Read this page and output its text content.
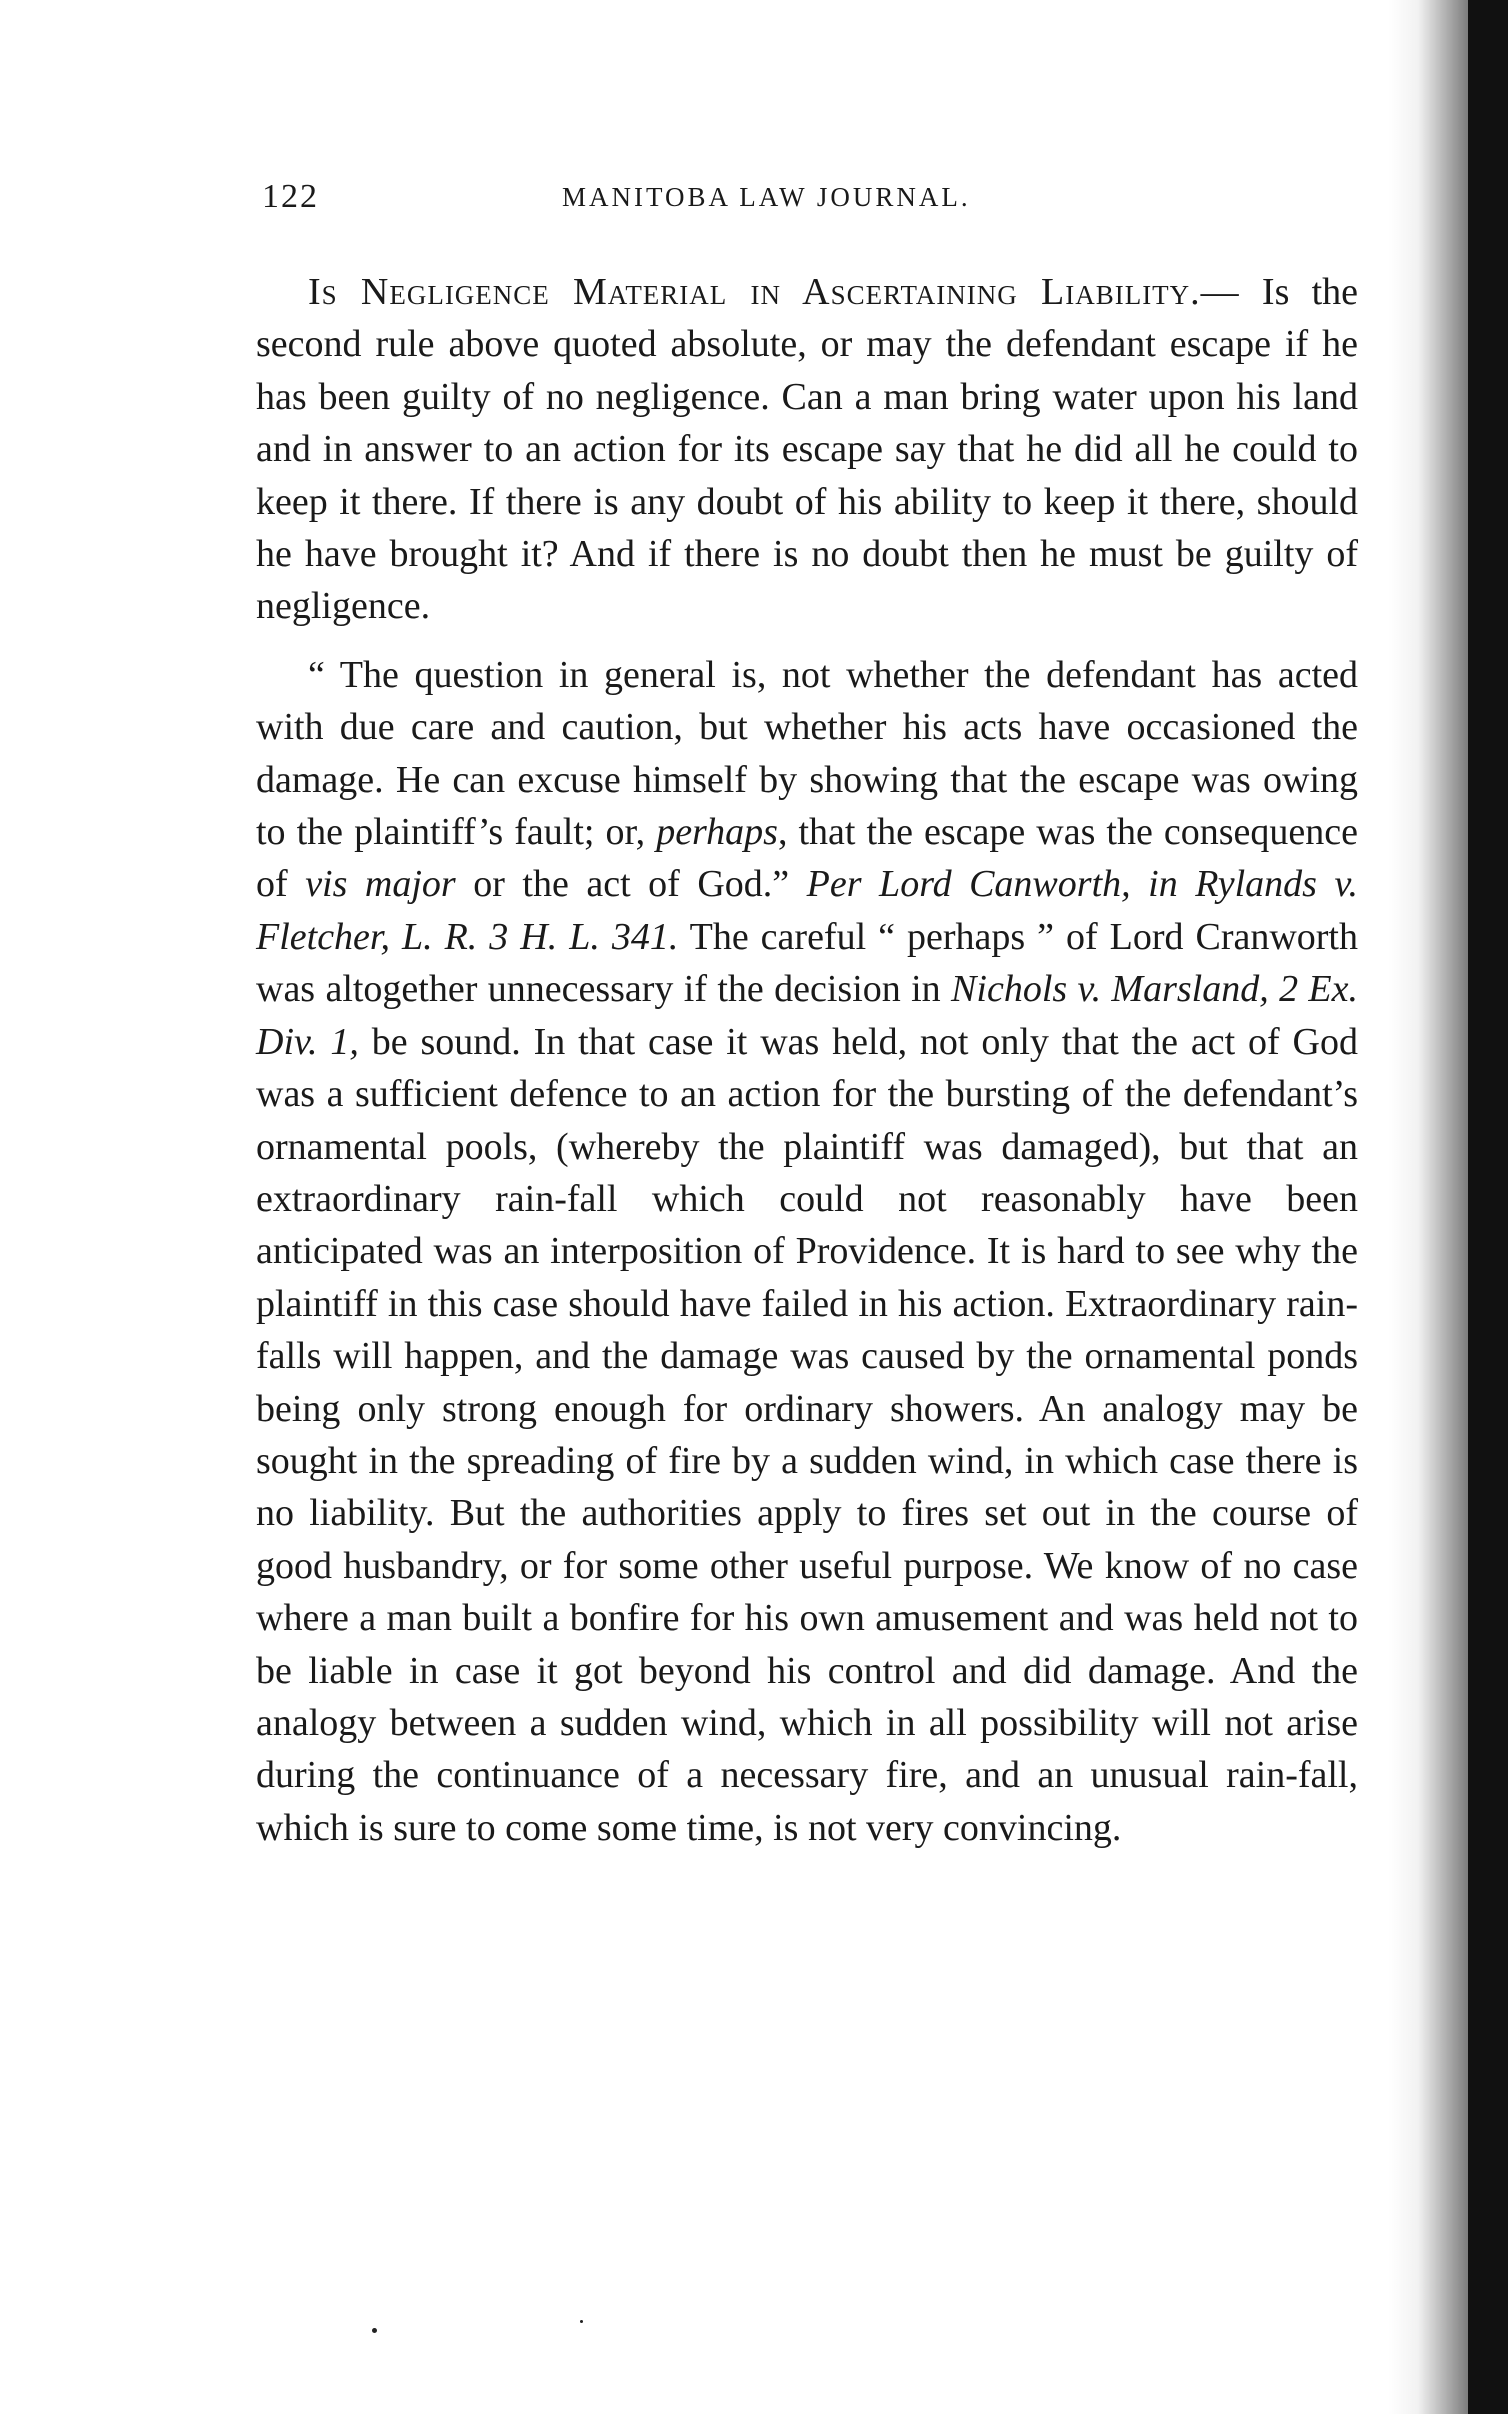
122	MANITOBA LAW JOURNAL.

Is Negligence Material in Ascertaining Liability.— Is the second rule above quoted absolute, or may the defendant escape if he has been guilty of no negligence. Can a man bring water upon his land and in answer to an action for its escape say that he did all he could to keep it there. If there is any doubt of his ability to keep it there, should he have brought it? And if there is no doubt then he must be guilty of negligence.

“ The question in general is, not whether the defendant has acted with due care and caution, but whether his acts have occasioned the damage. He can excuse himself by showing that the escape was owing to the plaintiff’s fault; or, perhaps, that the escape was the consequence of vis major or the act of God.” Per Lord Canworth, in Rylands v. Fletcher, L. R. 3 H. L. 341. The careful “ perhaps ” of Lord Cranworth was altogether unnecessary if the decision in Nichols v. Marsland, 2 Ex. Div. 1, be sound. In that case it was held, not only that the act of God was a sufficient defence to an action for the bursting of the defendant’s ornamental pools, (whereby the plaintiff was damaged), but that an extraordinary rain-fall which could not reasonably have been anticipated was an interposition of Providence. It is hard to see why the plaintiff in this case should have failed in his action. Extraordinary rain-falls will happen, and the damage was caused by the ornamental ponds being only strong enough for ordinary showers. An analogy may be sought in the spreading of fire by a sudden wind, in which case there is no liability. But the authorities apply to fires set out in the course of good husbandry, or for some other useful purpose. We know of no case where a man built a bonfire for his own amusement and was held not to be liable in case it got beyond his control and did damage. And the analogy between a sudden wind, which in all possibility will not arise during the continuance of a necessary fire, and an unusual rain-fall, which is sure to come some time, is not very convincing.
